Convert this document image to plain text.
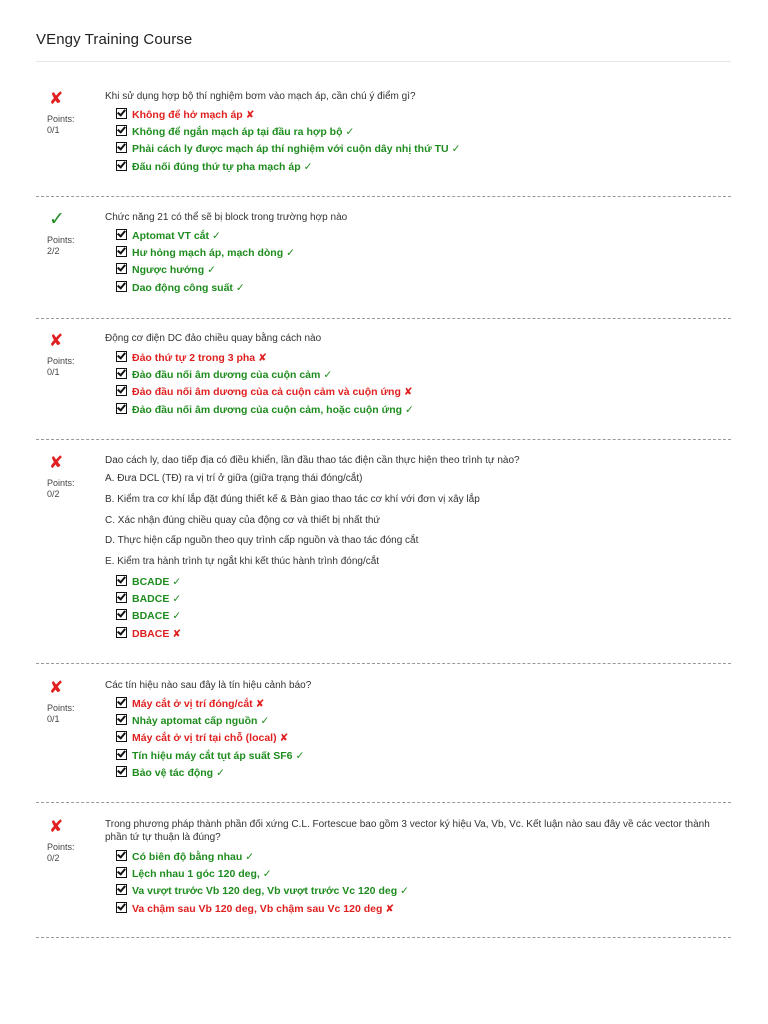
VEngy Training Course
✘
Points:
0/1
Khi sử dụng hợp bộ thí nghiệm bơm vào mạch áp, cần chú ý điểm gì?
Không để hở mạch áp ✘
Không để ngắn mạch áp tại đầu ra hợp bộ ✓
Phải cách ly được mạch áp thí nghiệm với cuộn dây nhị thứ TU ✓
Đấu nối đúng thứ tự pha mạch áp ✓
✓
Points:
2/2
Chức năng 21 có thể sẽ bị block trong trường hợp nào
Aptomat VT cắt ✓
Hư hỏng mạch áp, mạch dòng ✓
Ngược hướng ✓
Dao động công suất ✓
✘
Points:
0/1
Động cơ điện DC đảo chiều quay bằng cách nào
Đảo thứ tự 2 trong 3 pha ✘
Đảo đầu nối âm dương của cuộn cảm ✓
Đảo đầu nối âm dương của cả cuộn cảm và cuộn ứng ✘
Đảo đầu nối âm dương của cuộn cảm, hoặc cuộn ứng ✓
✘
Points:
0/2
Dao cách ly, dao tiếp địa có điều khiển, lần đầu thao tác điện cần thực hiện theo trình tự nào?
A. Đưa DCL (TĐ) ra vị trí ở giữa (giữa trạng thái đóng/cắt)
B. Kiểm tra cơ khí lắp đặt đúng thiết kế & Bàn giao thao tác cơ khí với đơn vị xây lắp
C. Xác nhận đúng chiều quay của động cơ và thiết bị nhất thứ
D. Thực hiện cấp nguồn theo quy trình cấp nguồn và thao tác đóng cắt
E. Kiểm tra hành trình tự ngắt khi kết thúc hành trình đóng/cắt
BCADE ✓
BADCE ✓
BDACE ✓
DBACE ✘
✘
Points:
0/1
Các tín hiệu nào sau đây là tín hiệu cảnh báo?
Máy cắt ở vị trí đóng/cắt ✘
Nhảy aptomat cấp nguồn ✓
Máy cắt ở vị trí tại chỗ (local) ✘
Tín hiệu máy cắt tụt áp suất SF6 ✓
Bảo vệ tác động ✓
✘
Points:
0/2
Trong phương pháp thành phần đối xứng C.L. Fortescue bao gồm 3 vector ký hiệu Va, Vb, Vc. Kết luận nào sau đây về các vector thành phần tứ tự thuận là đúng?
Có biên độ bằng nhau ✓
Lệch nhau 1 góc 120 deg, ✓
Va vượt trước Vb 120 deg, Vb vượt trước Vc 120 deg ✓
Va chậm sau Vb 120 deg, Vb chậm sau Vc 120 deg ✘
